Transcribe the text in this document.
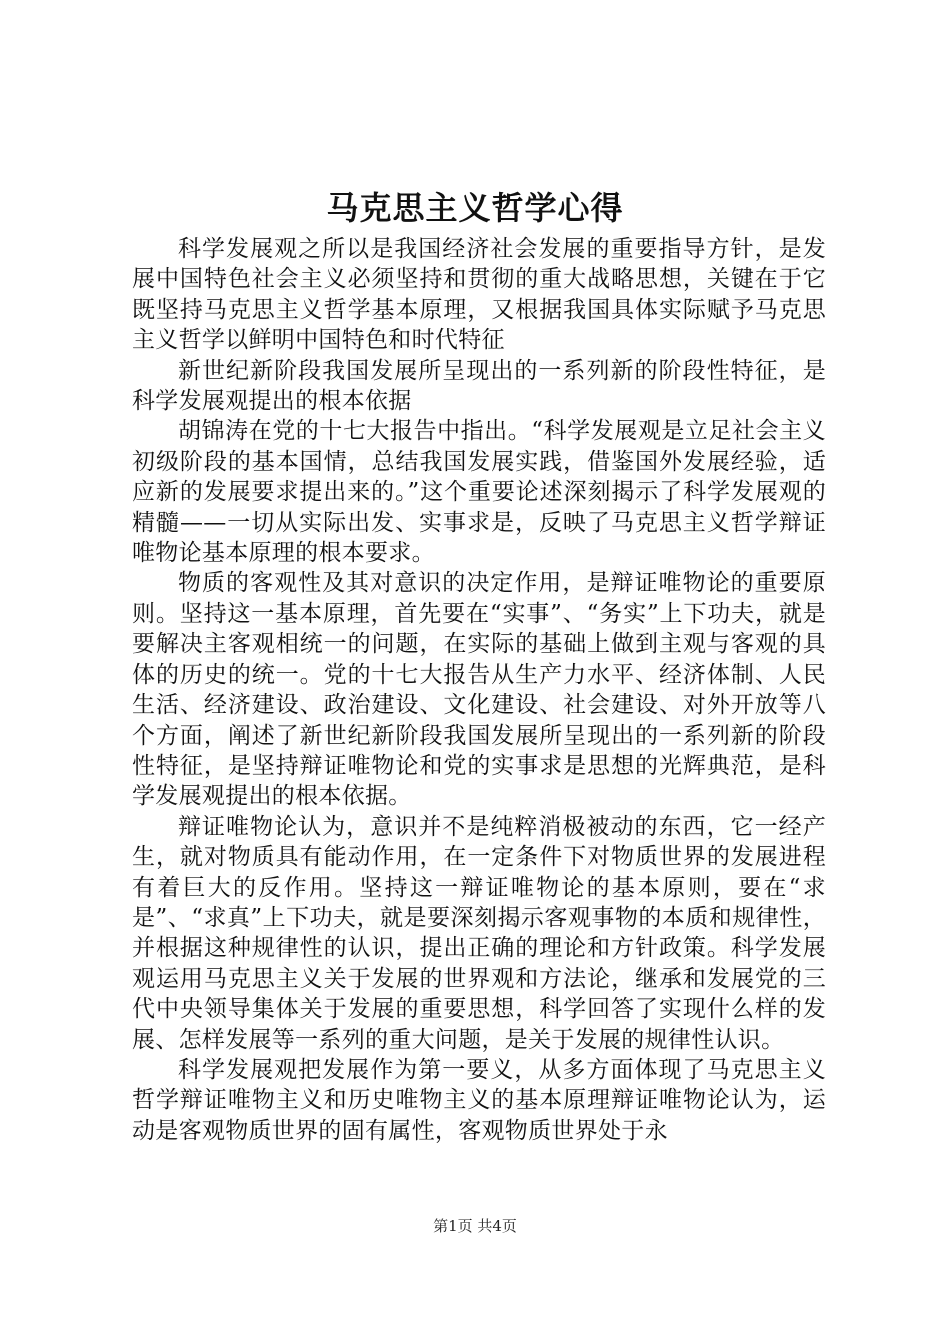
马克思主义哲学心得

科学发展观之所以是我国经济社会发展的重要指导方针，是发展中国特色社会主义必须坚持和贯彻的重大战略思想，关键在于它既坚持马克思主义哲学基本原理，又根据我国具体实际赋予马克思主义哲学以鲜明中国特色和时代特征

新世纪新阶段我国发展所呈现出的一系列新的阶段性特征，是科学发展观提出的根本依据

胡锦涛在党的十七大报告中指出。“科学发展观是立足社会主义初级阶段的基本国情，总结我国发展实践，借鉴国外发展经验，适应新的发展要求提出来的。”这个重要论述深刻揭示了科学发展观的精髓——一切从实际出发、实事求是，反映了马克思主义哲学辩证唯物论基本原理的根本要求。

物质的客观性及其对意识的决定作用，是辩证唯物论的重要原则。坚持这一基本原理，首先要在“实事”、“务实”上下功夫，就是要解决主客观相统一的问题，在实际的基础上做到主观与客观的具体的历史的统一。党的十七大报告从生产力水平、经济体制、人民生活、经济建设、政治建设、文化建设、社会建设、对外开放等八个方面，阐述了新世纪新阶段我国发展所呈现出的一系列新的阶段性特征，是坚持辩证唯物论和党的实事求是思想的光辉典范，是科学发展观提出的根本依据。

辩证唯物论认为，意识并不是纯粹消极被动的东西，它一经产生，就对物质具有能动作用，在一定条件下对物质世界的发展进程有着巨大的反作用。坚持这一辩证唯物论的基本原则，要在“求是”、“求真”上下功夫，就是要深刻揭示客观事物的本质和规律性，并根据这种规律性的认识，提出正确的理论和方针政策。科学发展观运用马克思主义关于发展的世界观和方法论，继承和发展党的三代中央领导集体关于发展的重要思想，科学回答了实现什么样的发展、怎样发展等一系列的重大问题，是关于发展的规律性认识。

科学发展观把发展作为第一要义，从多方面体现了马克思主义哲学辩证唯物主义和历史唯物主义的基本原理辩证唯物论认为，运动是客观物质世界的固有属性，客观物质世界处于永

第1页 共4页
